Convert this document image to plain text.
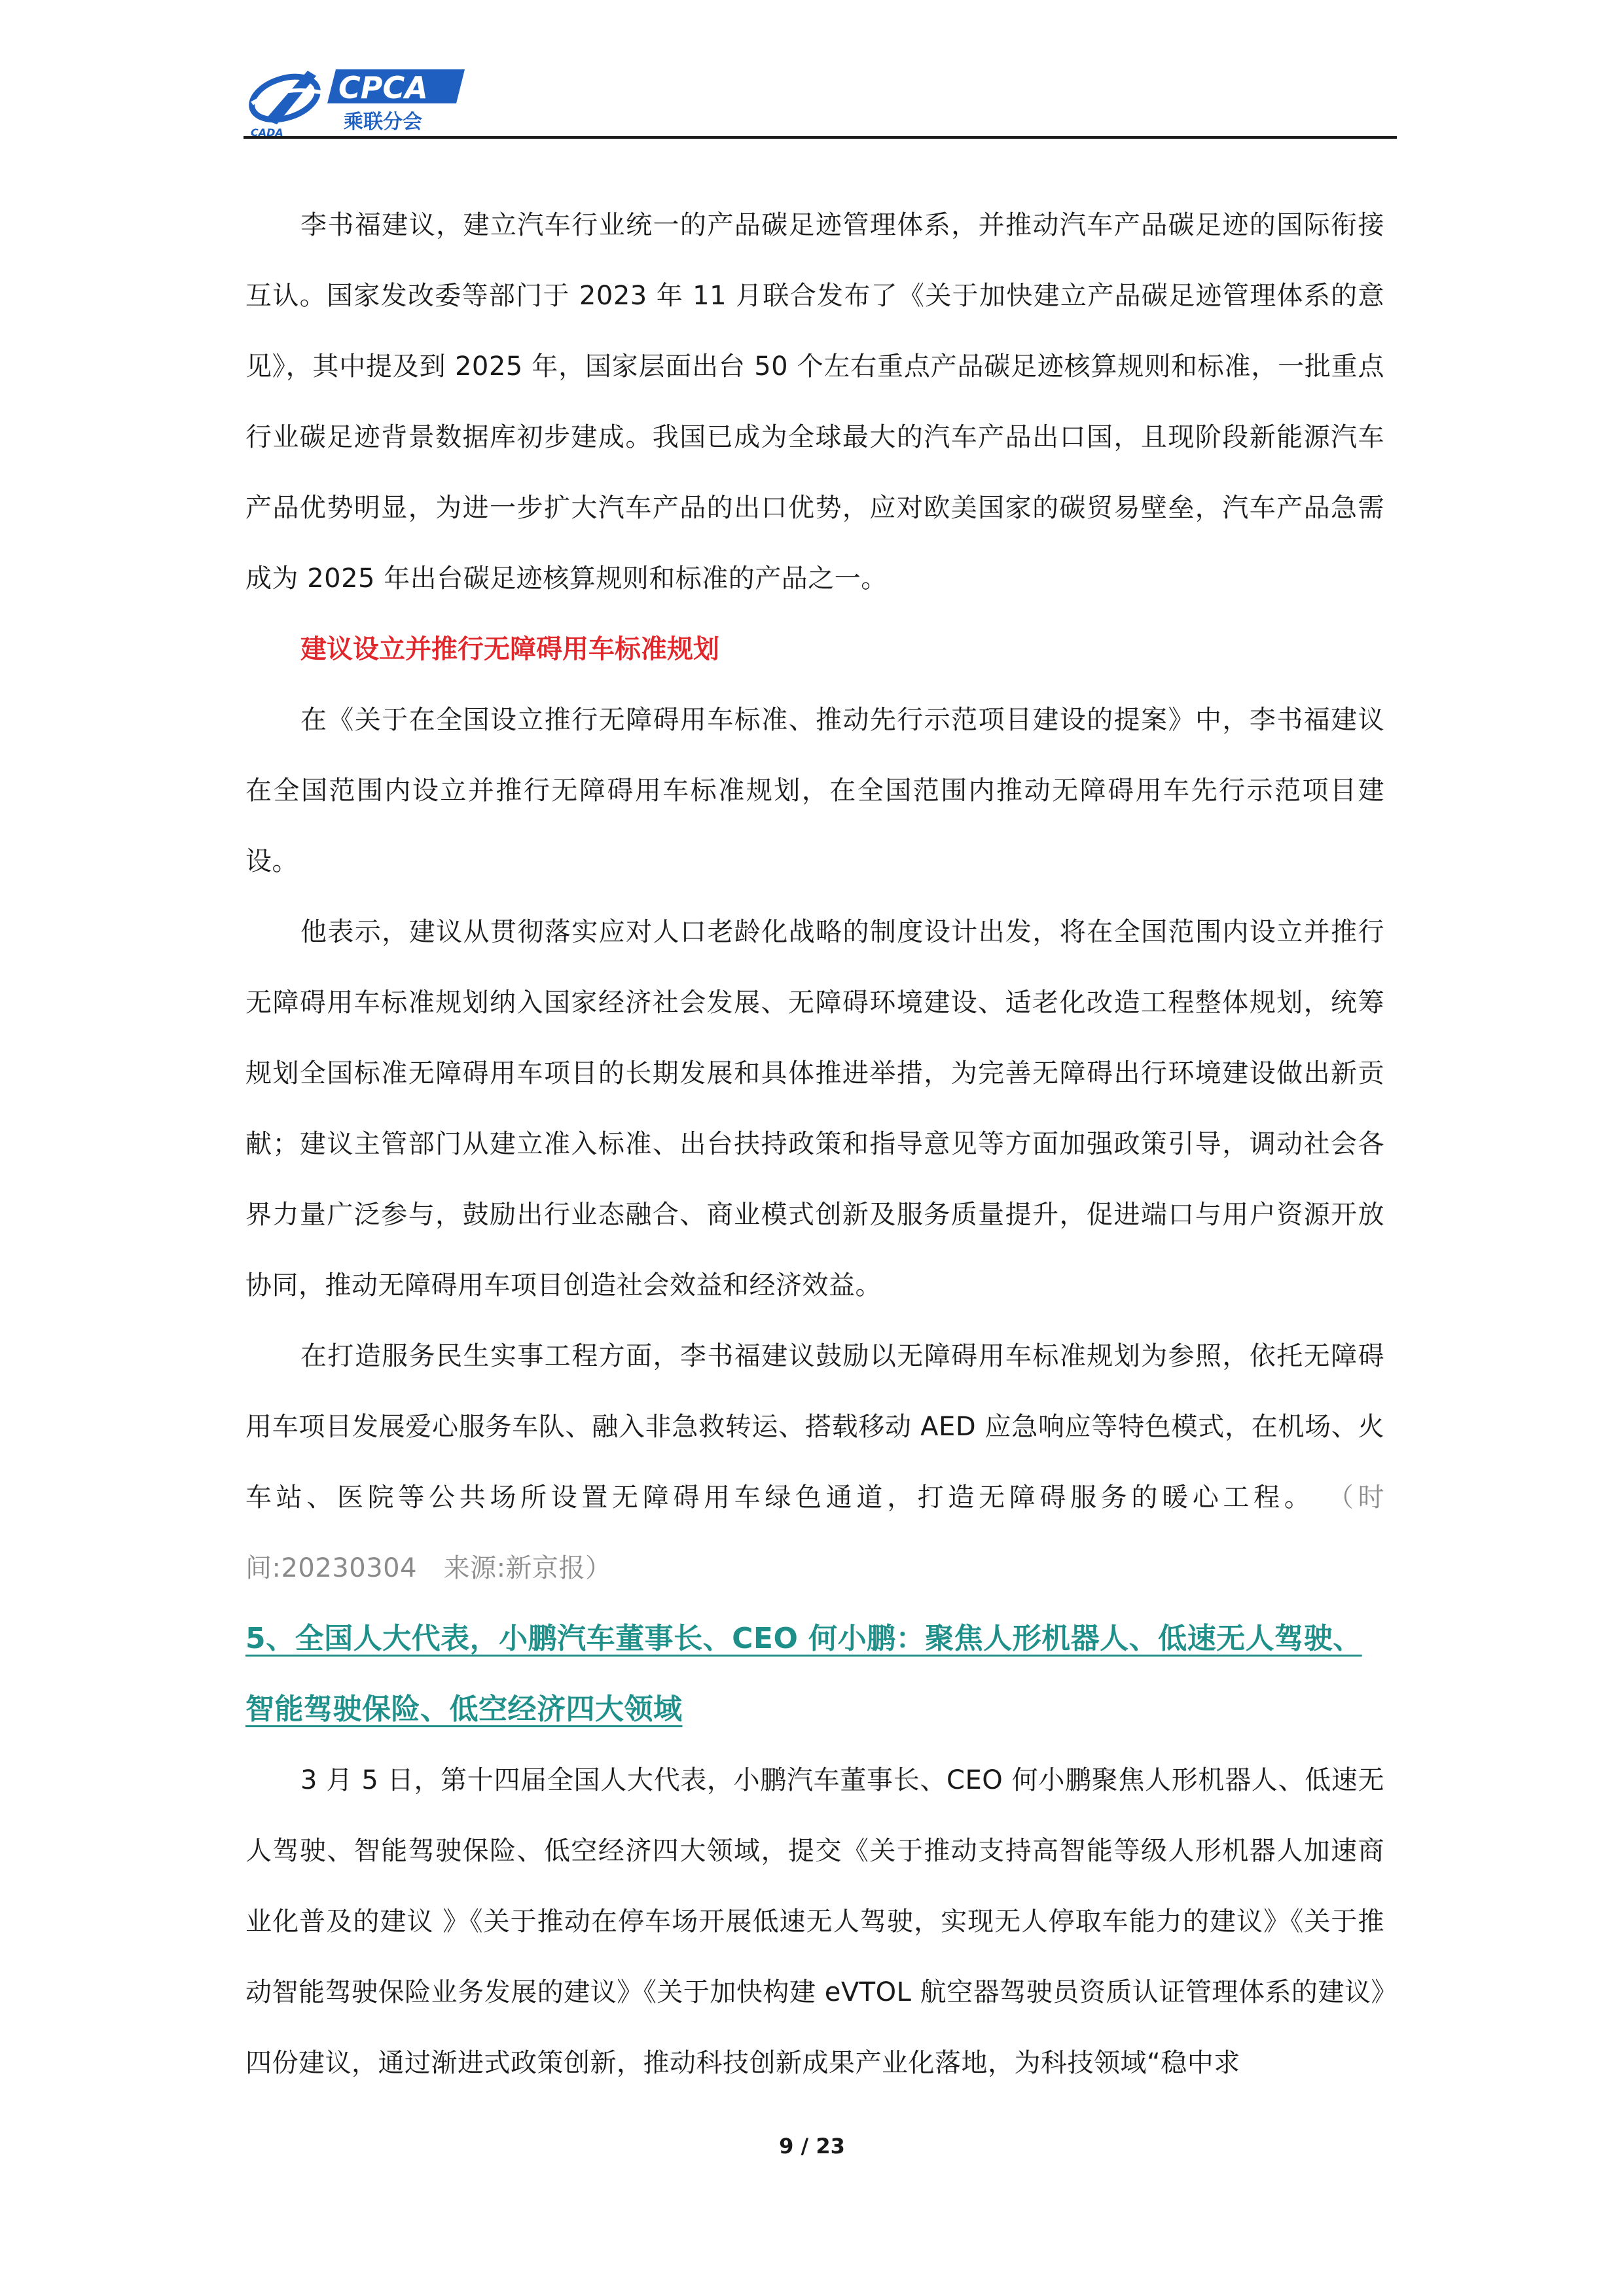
CADA
CPCA
乘联分会

李书福建议，建立汽车行业统一的产品碳足迹管理体系，并推动汽车产品碳足迹的国际衔接互认。国家发改委等部门于 2023 年 11 月联合发布了《关于加快建立产品碳足迹管理体系的意见》，其中提及到 2025 年，国家层面出台 50 个左右重点产品碳足迹核算规则和标准，一批重点行业碳足迹背景数据库初步建成。我国已成为全球最大的汽车产品出口国，且现阶段新能源汽车产品优势明显，为进一步扩大汽车产品的出口优势，应对欧美国家的碳贸易壁垒，汽车产品急需成为 2025 年出台碳足迹核算规则和标准的产品之一。

建议设立并推行无障碍用车标准规划

在《关于在全国设立推行无障碍用车标准、推动先行示范项目建设的提案》中，李书福建议在全国范围内设立并推行无障碍用车标准规划，在全国范围内推动无障碍用车先行示范项目建设。

他表示，建议从贯彻落实应对人口老龄化战略的制度设计出发，将在全国范围内设立并推行无障碍用车标准规划纳入国家经济社会发展、无障碍环境建设、适老化改造工程整体规划，统筹规划全国标准无障碍用车项目的长期发展和具体推进举措，为完善无障碍出行环境建设做出新贡献；建议主管部门从建立准入标准、出台扶持政策和指导意见等方面加强政策引导，调动社会各界力量广泛参与，鼓励出行业态融合、商业模式创新及服务质量提升，促进端口与用户资源开放协同，推动无障碍用车项目创造社会效益和经济效益。

在打造服务民生实事工程方面，李书福建议鼓励以无障碍用车标准规划为参照，依托无障碍用车项目发展爱心服务车队、融入非急救转运、搭载移动 AED 应急响应等特色模式，在机场、火车站、医院等公共场所设置无障碍用车绿色通道，打造无障碍服务的暖心工程。 （时间:20230304　来源:新京报）

5、全国人大代表，小鹏汽车董事长、CEO 何小鹏：聚焦人形机器人、低速无人驾驶、智能驾驶保险、低空经济四大领域

3 月 5 日，第十四届全国人大代表，小鹏汽车董事长、CEO 何小鹏聚焦人形机器人、低速无人驾驶、智能驾驶保险、低空经济四大领域，提交《关于推动支持高智能等级人形机器人加速商业化普及的建议 》《关于推动在停车场开展低速无人驾驶，实现无人停取车能力的建议》《关于推动智能驾驶保险业务发展的建议》《关于加快构建 eVTOL 航空器驾驶员资质认证管理体系的建议》四份建议，通过渐进式政策创新，推动科技创新成果产业化落地，为科技领域“稳中求

9 / 23
